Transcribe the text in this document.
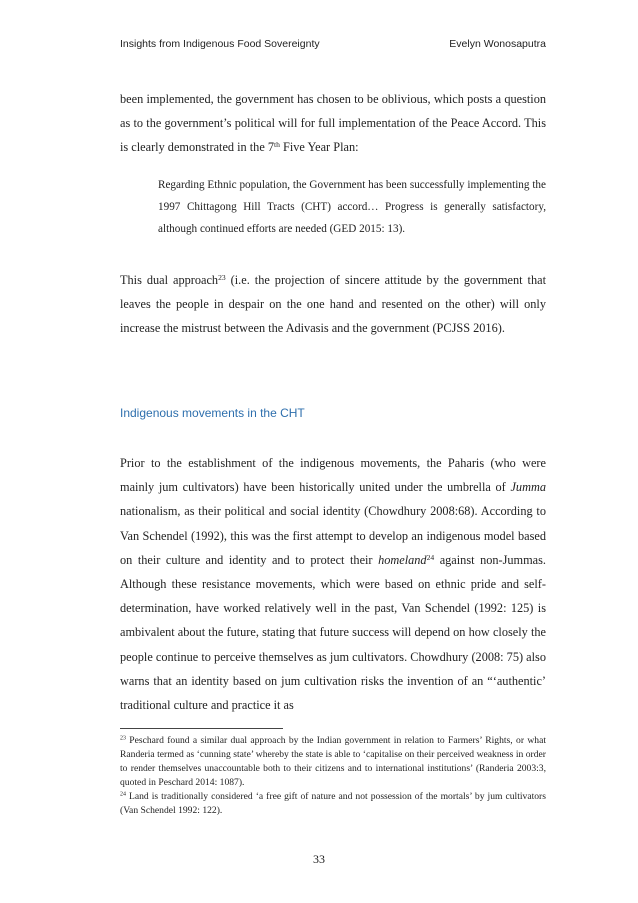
Insights from Indigenous Food Sovereignty	Evelyn Wonosaputra
been implemented, the government has chosen to be oblivious, which posts a question as to the government’s political will for full implementation of the Peace Accord. This is clearly demonstrated in the 7th Five Year Plan:
Regarding Ethnic population, the Government has been successfully implementing the 1997 Chittagong Hill Tracts (CHT) accord… Progress is generally satisfactory, although continued efforts are needed (GED 2015: 13).
This dual approach$^{23}$ (i.e. the projection of sincere attitude by the government that leaves the people in despair on the one hand and resented on the other) will only increase the mistrust between the Adivasis and the government (PCJSS 2016).
Indigenous movements in the CHT
Prior to the establishment of the indigenous movements, the Paharis (who were mainly jum cultivators) have been historically united under the umbrella of Jumma nationalism, as their political and social identity (Chowdhury 2008:68). According to Van Schendel (1992), this was the first attempt to develop an indigenous model based on their culture and identity and to protect their homeland$^{24}$ against non-Jummas. Although these resistance movements, which were based on ethnic pride and self-determination, have worked relatively well in the past, Van Schendel (1992: 125) is ambivalent about the future, stating that future success will depend on how closely the people continue to perceive themselves as jum cultivators. Chowdhury (2008: 75) also warns that an identity based on jum cultivation risks the invention of an “‘authentic’ traditional culture and practice it as
$^{23}$ Peschard found a similar dual approach by the Indian government in relation to Farmers’ Rights, or what Randeria termed as ‘cunning state’ whereby the state is able to ‘capitalise on their perceived weakness in order to render themselves unaccountable both to their citizens and to international institutions’ (Randeria 2003:3, quoted in Peschard 2014: 1087).
$^{24}$ Land is traditionally considered ‘a free gift of nature and not possession of the mortals’ by jum cultivators (Van Schendel 1992: 122).
33
